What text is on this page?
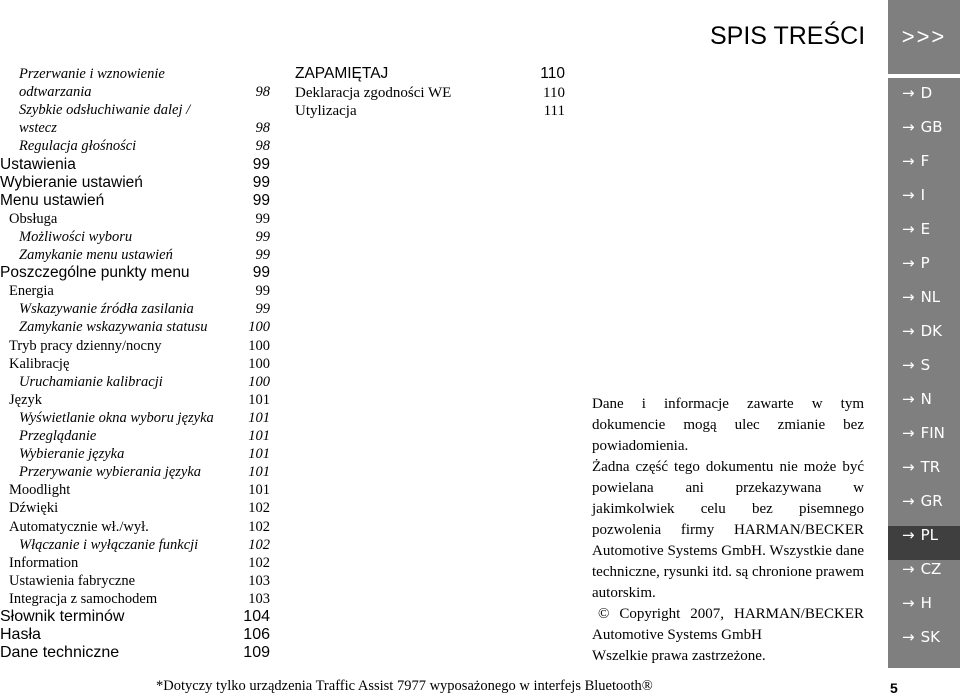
SPIS TREŚCI	>>>
→ D
→ GB
→ F
→ I
→ E
→ P
→ NL
→ DK
→ S
→ N
→ FIN
→ TR
→ GR
→ PL
→ CZ
→ H
→ SK
Przerwanie i wznowienie
odtwarzania	98
Szybkie odsłuchiwanie dalej /
wstecz	98
Regulacja głośności	98
Ustawienia	99
Wybieranie ustawień	99
Menu ustawień	99
Obsługa	99
Możliwości wyboru	99
Zamykanie menu ustawień	99
Poszczególne punkty menu	99
Energia	99
Wskazywanie źródła zasilania	99
Zamykanie wskazywania statusu	100
Tryb pracy dzienny/nocny	100
Kalibrację	100
Uruchamianie kalibracji	100
Język	101
Wyświetlanie okna wyboru języka 101
Przeglądanie	101
Wybieranie języka	101
Przerywanie wybierania języka	101
Moodlight	101
Dźwięki	102
Automatycznie wł./wył.	102
Włączanie i wyłączanie funkcji	102
Information	102
Ustawienia fabryczne	103
Integracja z samochodem	103
Słownik terminów	104
Hasła	106
Dane techniczne	109
ZAPAMIĘTAJ	110
Deklaracja zgodności WE	110
Utylizacja	111

Dane i informacje zawarte w tym dokumencie mogą ulec zmianie bez powiadomienia.

Żadna część tego dokumentu nie może być powielana ani przekazywana w jakimkolwiek celu bez pisemnego pozwolenia firmy HARMAN/BECKER Automotive Systems GmbH. Wszystkie dane techniczne, rysunki itd. są chronione prawem autorskim.

© Copyright 2007, HARMAN/BECKER Automotive Systems GmbH

Wszelkie prawa zastrzeżone.

*Dotyczy tylko urządzenia Traffic Assist 7977 wyposażonego w interfejs Bluetooth®	5
